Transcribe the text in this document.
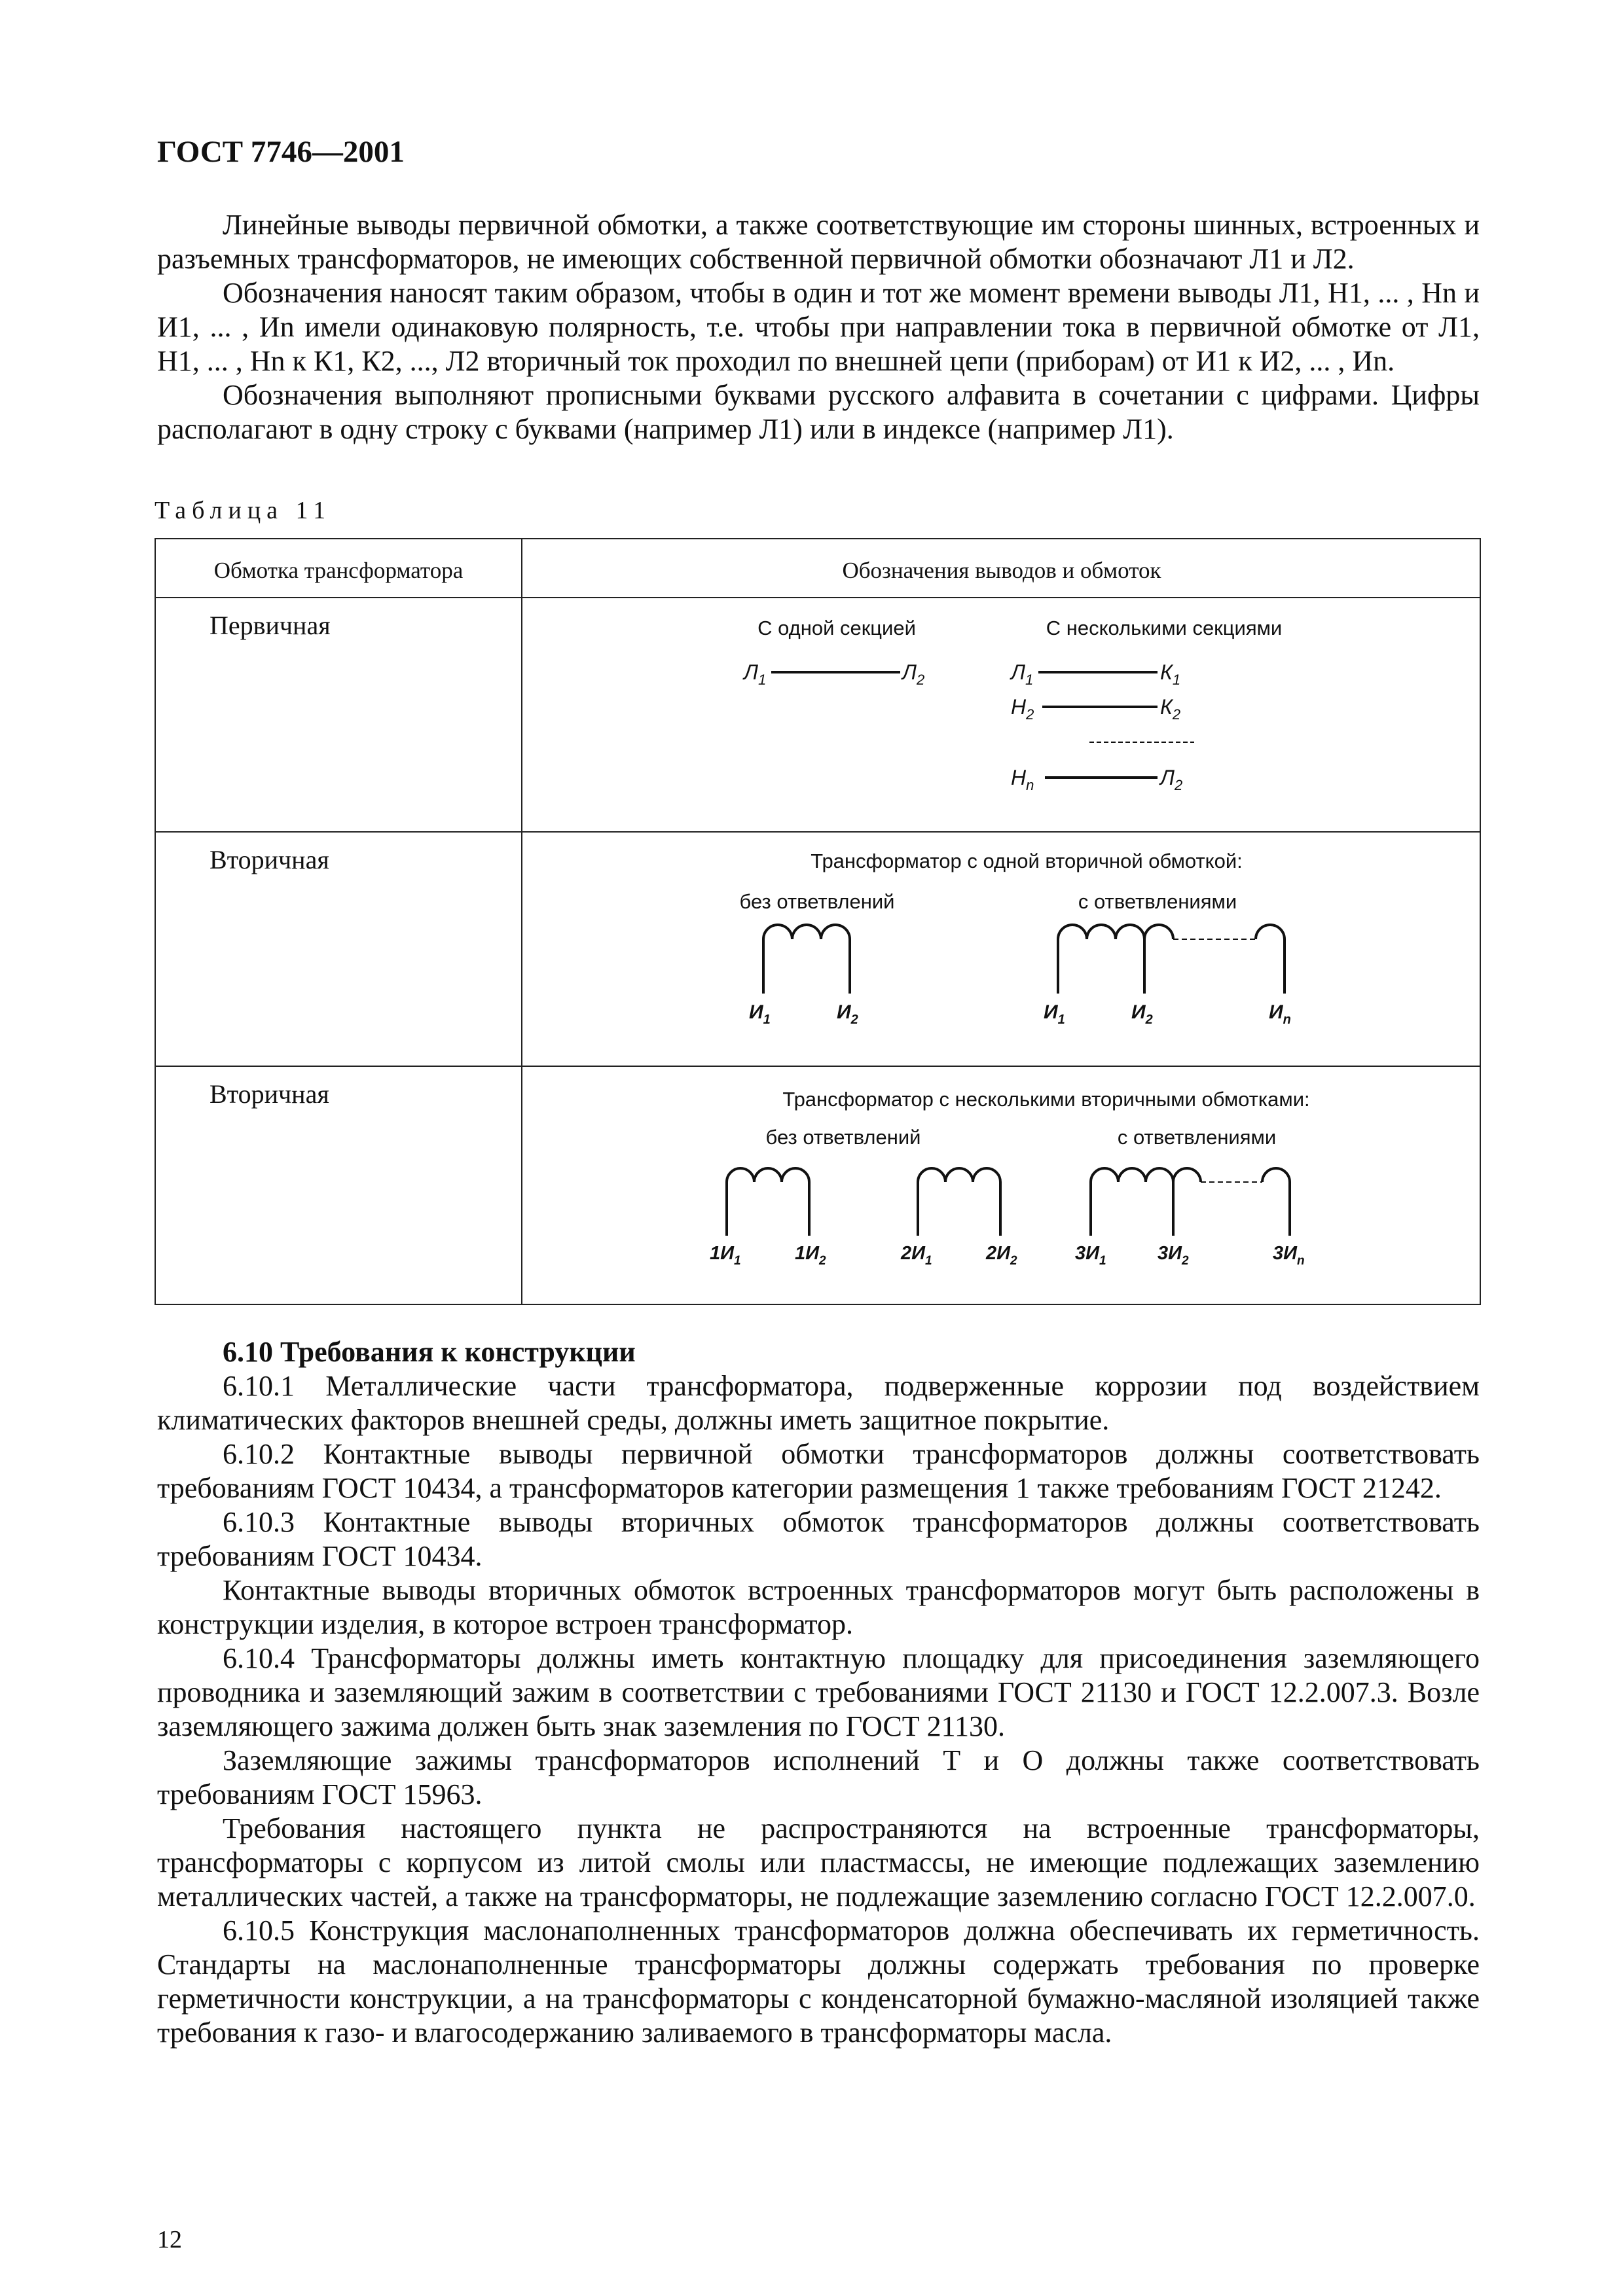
ГОСТ 7746—2001

Линейные выводы первичной обмотки, а также соответствующие им стороны шинных, встроенных и разъемных трансформаторов, не имеющих собственной первичной обмотки обозначают Л1 и Л2.

Обозначения наносят таким образом, чтобы в один и тот же момент времени выводы Л1, Н1, ... , Нn и И1, ... , Иn имели одинаковую полярность, т.е. чтобы при направлении тока в первичной обмотке от Л1, Н1, ... , Нn к К1, К2, ..., Л2 вторичный ток проходил по внешней цепи (приборам) от И1 к И2, ... , Иn.

Обозначения выполняют прописными буквами русского алфавита в сочетании с цифрами. Цифры располагают в одну строку с буквами (например Л1) или в индексе (например Л1).

Таблица 11
Обмотка трансформатора	Обозначения выводов и обмоток
Первичная	С одной секцией	С несколькими секциями
$Л_1$	$Л_2$	$Л_1$	$К_1$
$Н_2$	$К_2$
$Н_n$	$Л_2$
Вторичная	Трансформатор с одной вторичной обмоткой:
без ответвлений	с ответвлениями
$И_1$	$И_2$	$И_1$	$И_2$	$И_n$
Вторичная	Трансформатор с несколькими вторичными обмотками:
без ответвлений	с ответвлениями
$1И_1$	$1И_2$	$2И_1$	$2И_2$	$3И_1$	$3И_2$	$3И_n$

6.10 Требования к конструкции

6.10.1 Металлические части трансформатора, подверженные коррозии под воздействием климатических факторов внешней среды, должны иметь защитное покрытие.

6.10.2 Контактные выводы первичной обмотки трансформаторов должны соответствовать требованиям ГОСТ 10434, а трансформаторов категории размещения 1 также требованиям ГОСТ 21242.

6.10.3 Контактные выводы вторичных обмоток трансформаторов должны соответствовать требованиям ГОСТ 10434.

Контактные выводы вторичных обмоток встроенных трансформаторов могут быть расположены в конструкции изделия, в которое встроен трансформатор.

6.10.4 Трансформаторы должны иметь контактную площадку для присоединения заземляющего проводника и заземляющий зажим в соответствии с требованиями ГОСТ 21130 и ГОСТ 12.2.007.3. Возле заземляющего зажима должен быть знак заземления по ГОСТ 21130.

Заземляющие зажимы трансформаторов исполнений Т и О должны также соответствовать требованиям ГОСТ 15963.

Требования настоящего пункта не распространяются на встроенные трансформаторы, трансформаторы с корпусом из литой смолы или пластмассы, не имеющие подлежащих заземлению металлических частей, а также на трансформаторы, не подлежащие заземлению согласно ГОСТ 12.2.007.0.

6.10.5 Конструкция маслонаполненных трансформаторов должна обеспечивать их герметичность. Стандарты на маслонаполненные трансформаторы должны содержать требования по проверке герметичности конструкции, а на трансформаторы с конденсаторной бумажно-масляной изоляцией также требования к газо- и влагосодержанию заливаемого в трансформаторы масла.

12
